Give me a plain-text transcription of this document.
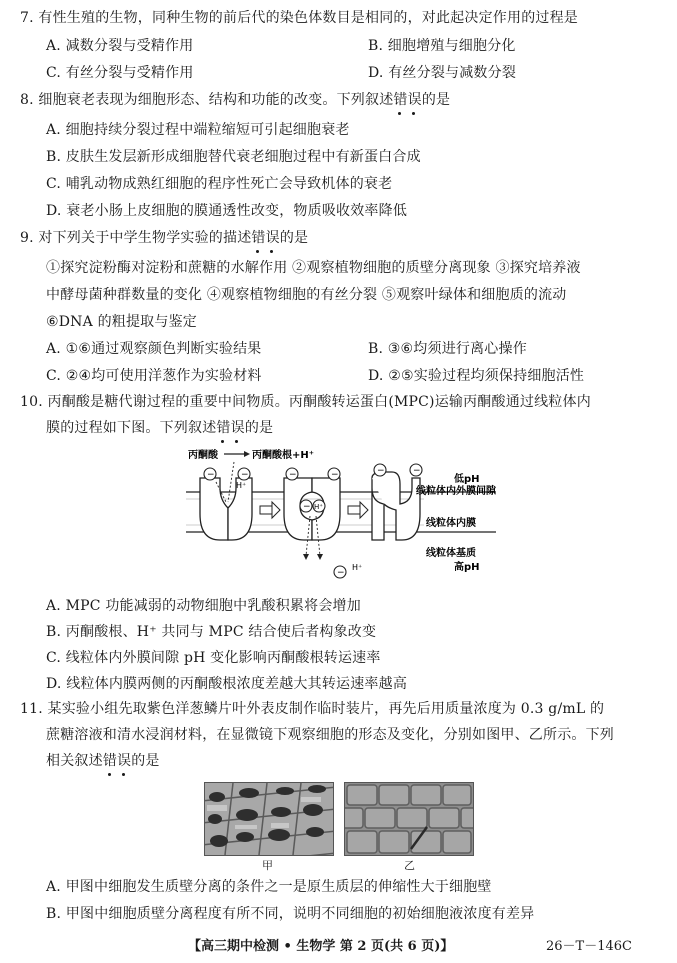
7. 有性生殖的生物，同种生物的前后代的染色体数目是相同的，对此起决定作用的过程是
A. 减数分裂与受精作用	B. 细胞增殖与细胞分化
C. 有丝分裂与受精作用	D. 有丝分裂与减数分裂
8. 细胞衰老表现为细胞形态、结构和功能的改变。下列叙述错误
的是
A. 细胞持续分裂过程中端粒缩短可引起细胞衰老
B. 皮肤生发层新形成细胞替代衰老细胞过程中有新蛋白合成
C. 哺乳动物成熟红细胞的程序性死亡会导致机体的衰老
D. 衰老小肠上皮细胞的膜通透性改变，物质吸收效率降低
9. 对下列关于中学生物学实验的描述错误
的是
①探究淀粉酶对淀粉和蔗糖的水解作用 ②观察植物细胞的质壁分离现象 ③探究培养液
中酵母菌种群数量的变化 ④观察植物细胞的有丝分裂 ⑤观察叶绿体和细胞质的流动
⑥DNA 的粗提取与鉴定
A. ①⑥通过观察颜色判断实验结果	B. ③⑥均须进行离心操作
C. ②④均可使用洋葱作为实验材料	D. ②⑤实验过程均须保持细胞活性
10. 丙酮酸是糖代谢过程的重要中间物质。丙酮酸转运蛋白(MPC)运输丙酮酸通过线粒体内
膜的过程如下图。下列叙述错误
的是
丙酮酸	丙酮酸根+H⁺
−	−
H⁺
− H⁺
−	−	−	−
−
H⁺
低pH
线粒体内外膜间隙
线粒体内膜
线粒体基质
高pH
A. MPC 功能减弱的动物细胞中乳酸积累将会增加
B. 丙酮酸根、H⁺ 共同与 MPC 结合使后者构象改变
C. 线粒体内外膜间隙 pH 变化影响丙酮酸根转运速率
D. 线粒体内膜两侧的丙酮酸根浓度差越大其转运速率越高
11. 某实验小组先取紫色洋葱鳞片叶外表皮制作临时装片，再先后用质量浓度为 0.3 g/mL 的
蔗糖溶液和清水浸润材料，在显微镜下观察细胞的形态及变化，分别如图甲、乙所示。下列
相关叙述错误
的是
甲	乙
A. 甲图中细胞发生质壁分离的条件之一是原生质层的伸缩性大于细胞壁
B. 甲图中细胞质壁分离程度有所不同，说明不同细胞的初始细胞液浓度有差异
【高三期中检测 • 生物学 第 2 页(共 6 页)】	26－T－146C
